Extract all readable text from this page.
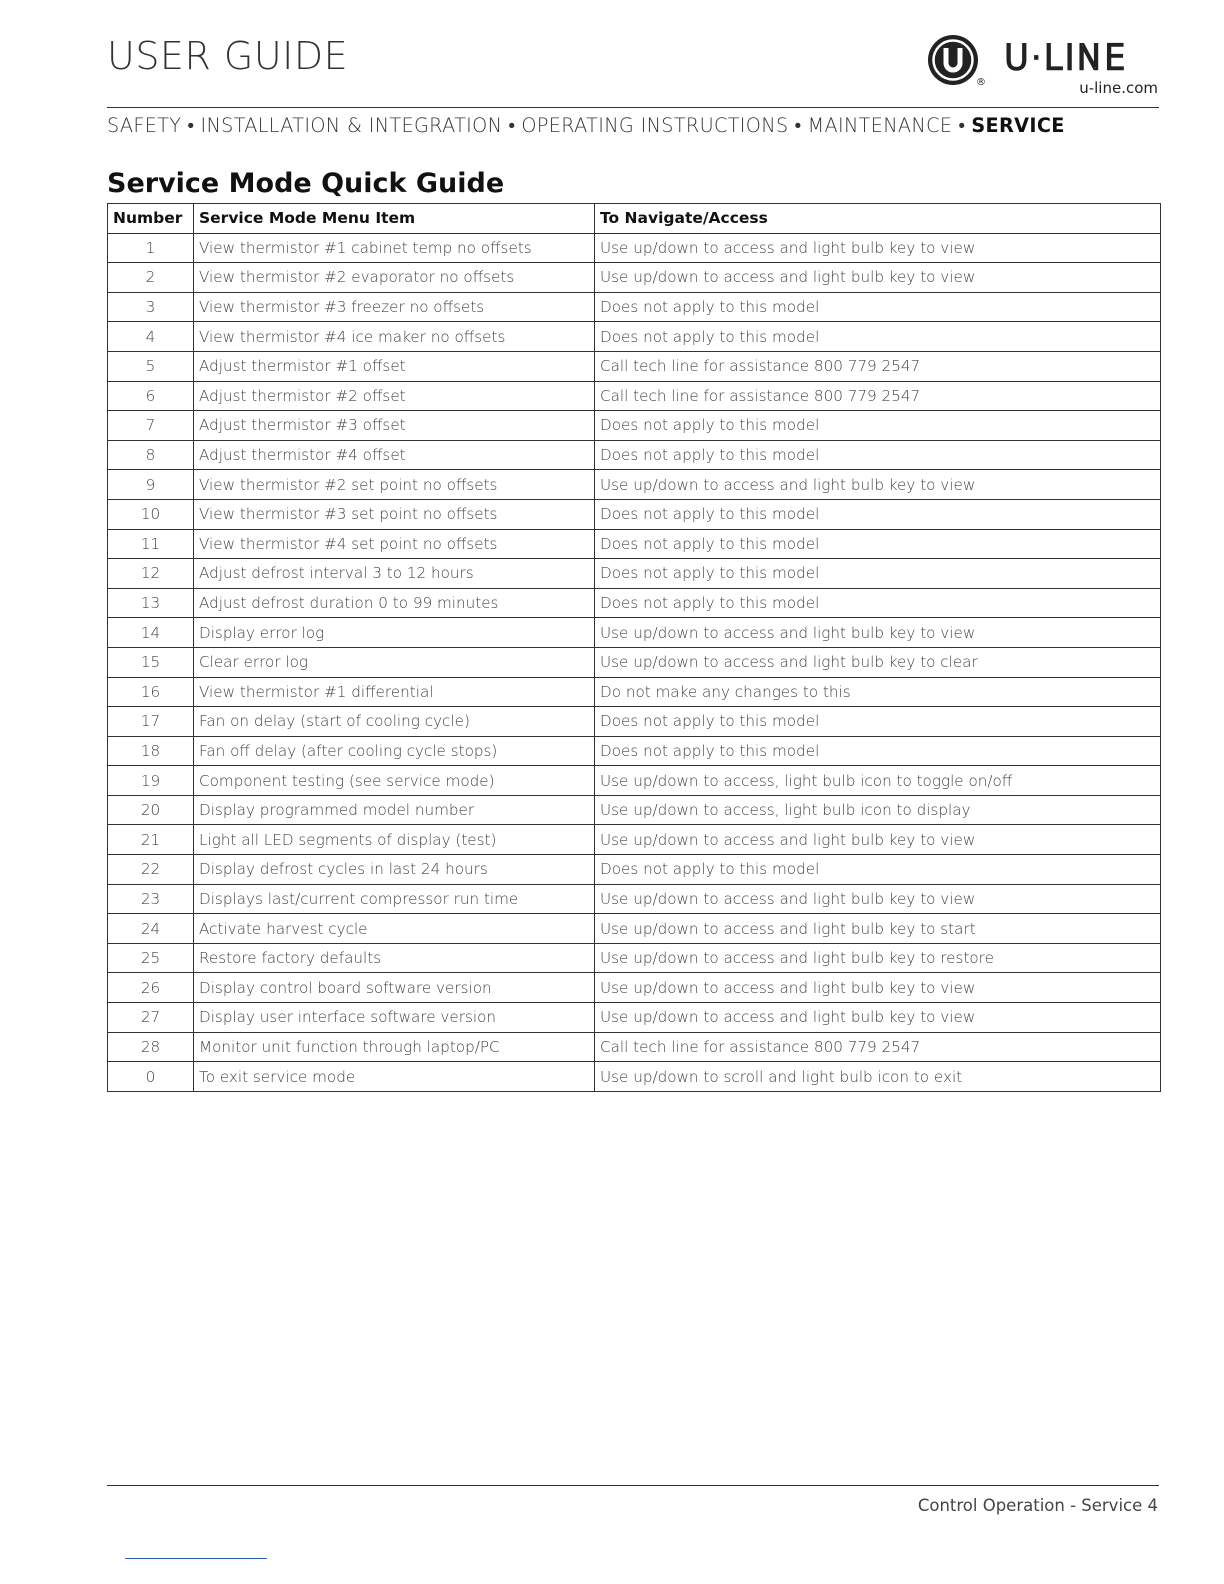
USER GUIDE	U·LINE
®	u-line.com
SAFETY • INSTALLATION & INTEGRATION • OPERATING INSTRUCTIONS • MAINTENANCE • SERVICE
Service Mode Quick Guide
Number	Service Mode Menu Item	To Navigate/Access
1	View thermistor #1 cabinet temp no offsets	Use up/down to access and light bulb key to view
2	View thermistor #2 evaporator no offsets	Use up/down to access and light bulb key to view
3	View thermistor #3 freezer no offsets	Does not apply to this model
4	View thermistor #4 ice maker no offsets	Does not apply to this model
5	Adjust thermistor #1 offset	Call tech line for assistance 800 779 2547
6	Adjust thermistor #2 offset	Call tech line for assistance 800 779 2547
7	Adjust thermistor #3 offset	Does not apply to this model
8	Adjust thermistor #4 offset	Does not apply to this model
9	View thermistor #2 set point no offsets	Use up/down to access and light bulb key to view
10	View thermistor #3 set point no offsets	Does not apply to this model
11	View thermistor #4 set point no offsets	Does not apply to this model
12	Adjust defrost interval 3 to 12 hours	Does not apply to this model
13	Adjust defrost duration 0 to 99 minutes	Does not apply to this model
14	Display error log	Use up/down to access and light bulb key to view
15	Clear error log	Use up/down to access and light bulb key to clear
16	View thermistor #1 differential	Do not make any changes to this
17	Fan on delay (start of cooling cycle)	Does not apply to this model
18	Fan off delay (after cooling cycle stops)	Does not apply to this model
19	Component testing (see service mode)	Use up/down to access, light bulb icon to toggle on/off
20	Display programmed model number	Use up/down to access, light bulb icon to display
21	Light all LED segments of display (test)	Use up/down to access and light bulb key to view
22	Display defrost cycles in last 24 hours	Does not apply to this model
23	Displays last/current compressor run time	Use up/down to access and light bulb key to view
24	Activate harvest cycle	Use up/down to access and light bulb key to start
25	Restore factory defaults	Use up/down to access and light bulb key to restore
26	Display control board software version	Use up/down to access and light bulb key to view
27	Display user interface software version	Use up/down to access and light bulb key to view
28	Monitor unit function through laptop/PC	Call tech line for assistance 800 779 2547
0	To exit service mode	Use up/down to scroll and light bulb icon to exit
Control Operation - Service 4
